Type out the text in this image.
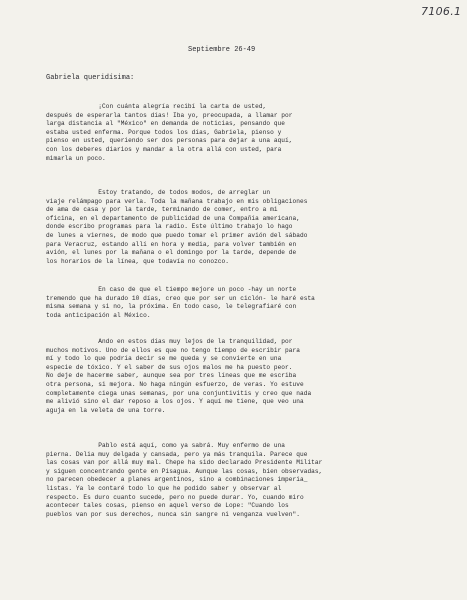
7106.1
Septiembre 26-49
Gabriela queridísima:
¡Con cuánta alegría recibí la carta de usted,
después de esperarla tantos días! Iba yo, preocupada, a llamar por
larga distancia al "México" en demanda de noticias, pensando que
estaba usted enferma. Porque todos los días, Gabriela, pienso y
pienso en usted, queriendo ser dos personas para dejar a una aquí,
con los deberes diarios y mandar a la otra allá con usted, para
mimarla un poco.
Estoy tratando, de todos modos, de arreglar un
viaje relámpago para verla. Toda la mañana trabajo en mis obligaciones
de ama de casa y por la tarde, terminando de comer, entro a mi
oficina, en el departamento de publicidad de una Compañía americana,
donde escribo programas para la radio. Este último trabajo lo hago
de lunes a viernes, de modo que puedo tomar el primer avión del sábado
para Veracruz, estando allí en hora y media, para volver también en
avión, el lunes por la mañana o el domingo por la tarde, depende de
los horarios de la línea, que todavía no conozco.
En caso de que el tiempo mejore un poco -hay un norte
tremendo que ha durado 10 días, creo que por ser un ciclón- le haré esta
misma semana y si no, la próxima. En todo caso, le telegrafiaré con
toda anticipación al México.
Ando en estos días muy lejos de la tranquilidad, por
muchos motivos. Uno de ellos es que no tengo tiempo de escribir para
mí y todo lo que podría decir se me queda y se convierte en una
especie de tóxico. Y el saber de sus ojos malos me ha puesto peor.
No deje de hacerme saber, aunque sea por tres líneas que me escriba
otra persona, si mejora. No haga ningún esfuerzo, de veras. Yo estuve
completamente ciega unas semanas, por una conjuntivitis y creo que nada
me alivió sino el dar reposo a los ojos. Y aquí me tiene, que veo una
aguja en la veleta de una torre.
Pablo está aquí, como ya sabrá. Muy enfermo de una
pierna. Delia muy delgada y cansada, pero ya más tranquila. Parece que
las cosas van por allá muy mal. Chepe ha sido declarado Presidente Militar
y siguen concentrando gente en Pisagua. Aunque las cosas, bien observadas,
no parecen obedecer a planes argentinos, sino a combinaciones imperia_
listas. Ya le contaré todo lo que he podido saber y observar al
respecto. Es duro cuanto sucede, pero no puede durar. Yo, cuando miro
acontecer tales cosas, pienso en aquel verso de Lope: "Cuando los
pueblos van por sus derechos, nunca sin sangre ni venganza vuelven".
